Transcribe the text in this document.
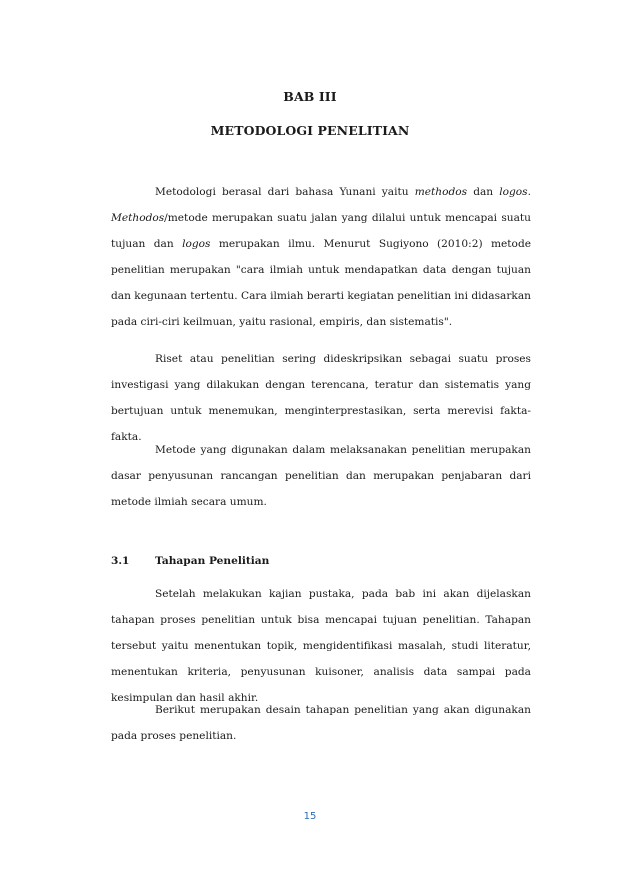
BAB III
METODOLOGI PENELITIAN

Metodologi berasal dari bahasa Yunani yaitu methodos dan logos. Methodos/metode merupakan suatu jalan yang dilalui untuk mencapai suatu tujuan dan logos merupakan ilmu. Menurut Sugiyono (2010:2) metode penelitian merupakan "cara ilmiah untuk mendapatkan data dengan tujuan dan kegunaan tertentu. Cara ilmiah berarti kegiatan penelitian ini didasarkan pada ciri-ciri keilmuan, yaitu rasional, empiris, dan sistematis".

Riset atau penelitian sering dideskripsikan sebagai suatu proses investigasi yang dilakukan dengan terencana, teratur dan sistematis yang bertujuan untuk menemukan, menginterprestasikan, serta merevisi fakta-fakta.

Metode yang digunakan dalam melaksanakan penelitian merupakan dasar penyusunan rancangan penelitian dan merupakan penjabaran dari metode ilmiah secara umum.

3.1 Tahapan Penelitian

Setelah melakukan kajian pustaka, pada bab ini akan dijelaskan tahapan proses penelitian untuk bisa mencapai tujuan penelitian. Tahapan tersebut yaitu menentukan topik, mengidentifikasi masalah, studi literatur, menentukan kriteria, penyusunan kuisoner, analisis data sampai pada kesimpulan dan hasil akhir.

Berikut merupakan desain tahapan penelitian yang akan digunakan pada proses penelitian.

15
